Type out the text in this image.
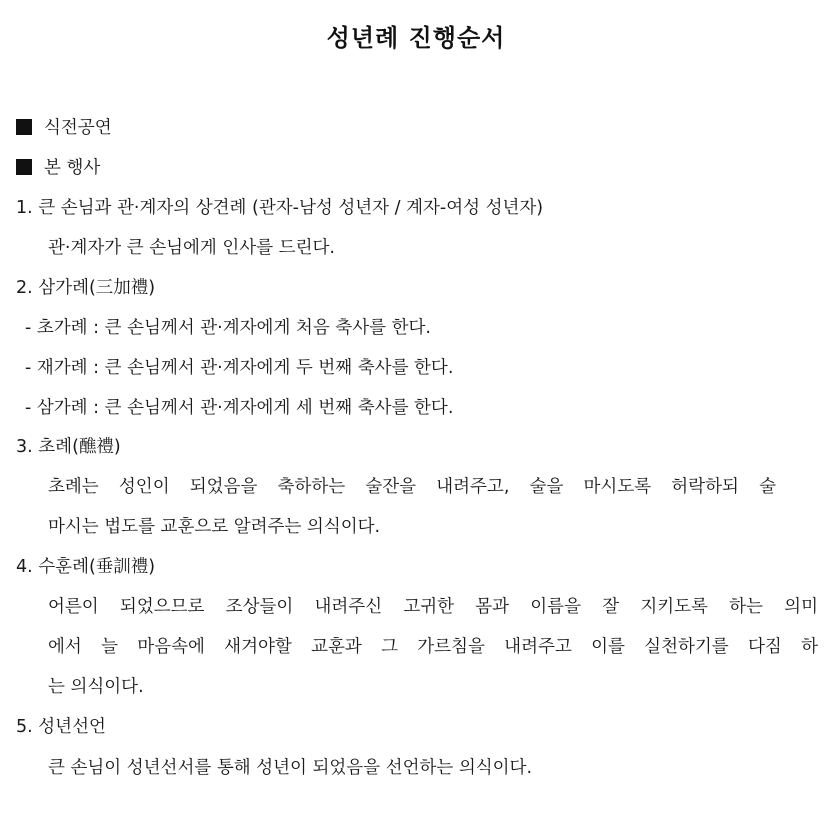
성년례 진행순서
식전공연
본 행사
1. 큰 손님과 관·계자의 상견례 (관자-남성 성년자 / 계자-여성 성년자)
관·계자가 큰 손님에게 인사를 드린다.
2. 삼가례(三加禮)
- 초가례 : 큰 손님께서 관·계자에게 처음 축사를 한다.
- 재가례 : 큰 손님께서 관·계자에게 두 번째 축사를 한다.
- 삼가례 : 큰 손님께서 관·계자에게 세 번째 축사를 한다.
3. 초례(醮禮)
초례는 성인이 되었음을 축하하는 술잔을 내려주고, 술을 마시도록 허락하되 술
마시는 법도를 교훈으로 알려주는 의식이다.
4. 수훈례(垂訓禮)
어른이 되었으므로 조상들이 내려주신 고귀한 몸과 이름을 잘 지키도록 하는 의미
에서 늘 마음속에 새겨야할 교훈과 그 가르침을 내려주고 이를 실천하기를 다짐 하
는 의식이다.
5. 성년선언
큰 손님이 성년선서를 통해 성년이 되었음을 선언하는 의식이다.
